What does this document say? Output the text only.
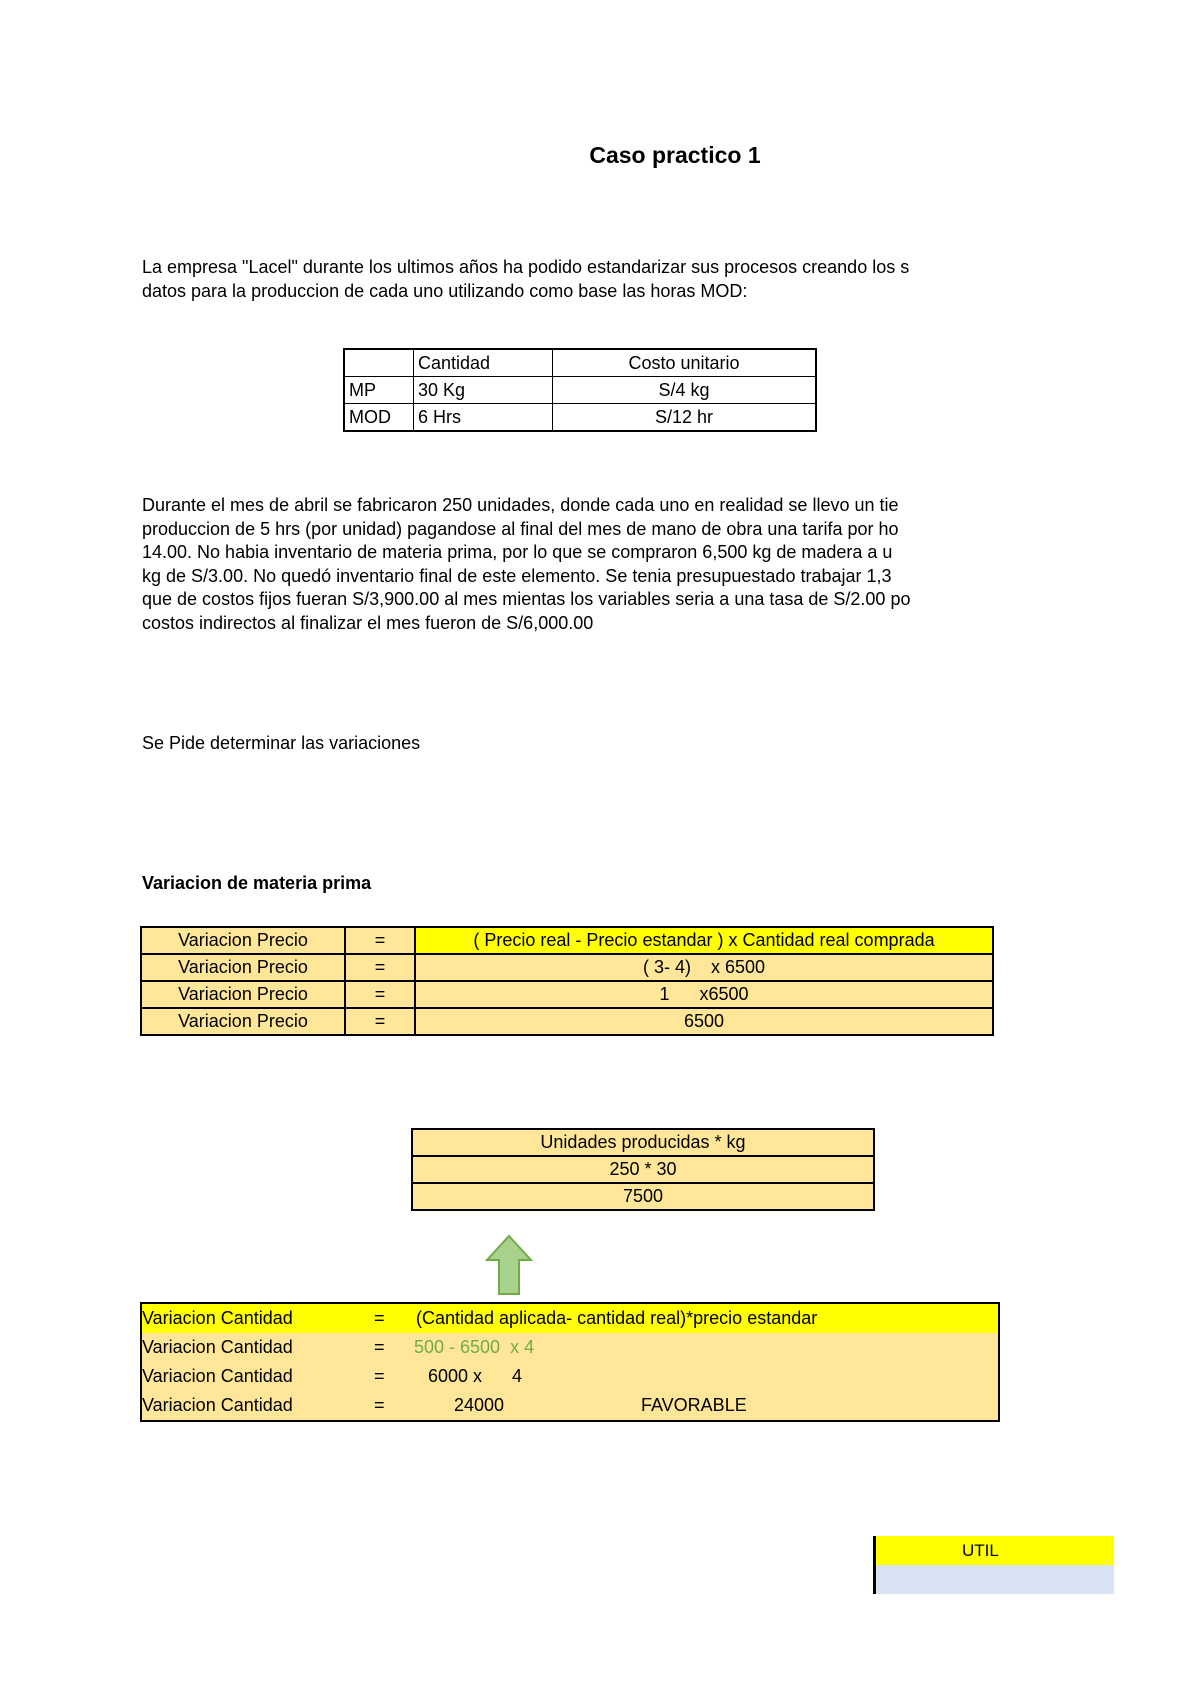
Caso practico 1
La empresa "Lacel" durante los ultimos años ha podido estandarizar sus procesos creando los s
datos para la produccion de cada uno utilizando como base las horas MOD:
	Cantidad	Costo unitario
MP	30 Kg	S/4 kg
MOD	6 Hrs	S/12 hr
Durante el mes de abril se fabricaron 250 unidades, donde cada uno en realidad se llevo un tie
produccion de 5 hrs (por unidad) pagandose al final del mes de mano de obra una tarifa por ho
14.00. No habia inventario de materia prima, por lo que se compraron 6,500 kg de madera a u
kg de S/3.00. No quedó inventario final de este elemento. Se tenia presupuestado trabajar 1,3
que de costos fijos fueran S/3,900.00 al mes mientas los variables seria a una tasa de S/2.00 po
costos indirectos al finalizar el mes fueron de S/6,000.00
Se Pide determinar las variaciones
Variacion de materia prima
Variacion Precio	=	( Precio real - Precio estandar ) x Cantidad real comprada
Variacion Precio	=	( 3- 4)    x 6500
Variacion Precio	=	1      x6500
Variacion Precio	=	6500
Unidades producidas * kg
250 * 30
7500
Variacion Cantidad	= (Cantidad aplicada- cantidad real)*precio estandar
Variacion Cantidad	= 500 - 6500  x 4
Variacion Cantidad	= 6000 x      4
Variacion Cantidad	=	24000	FAVORABLE
UTIL
